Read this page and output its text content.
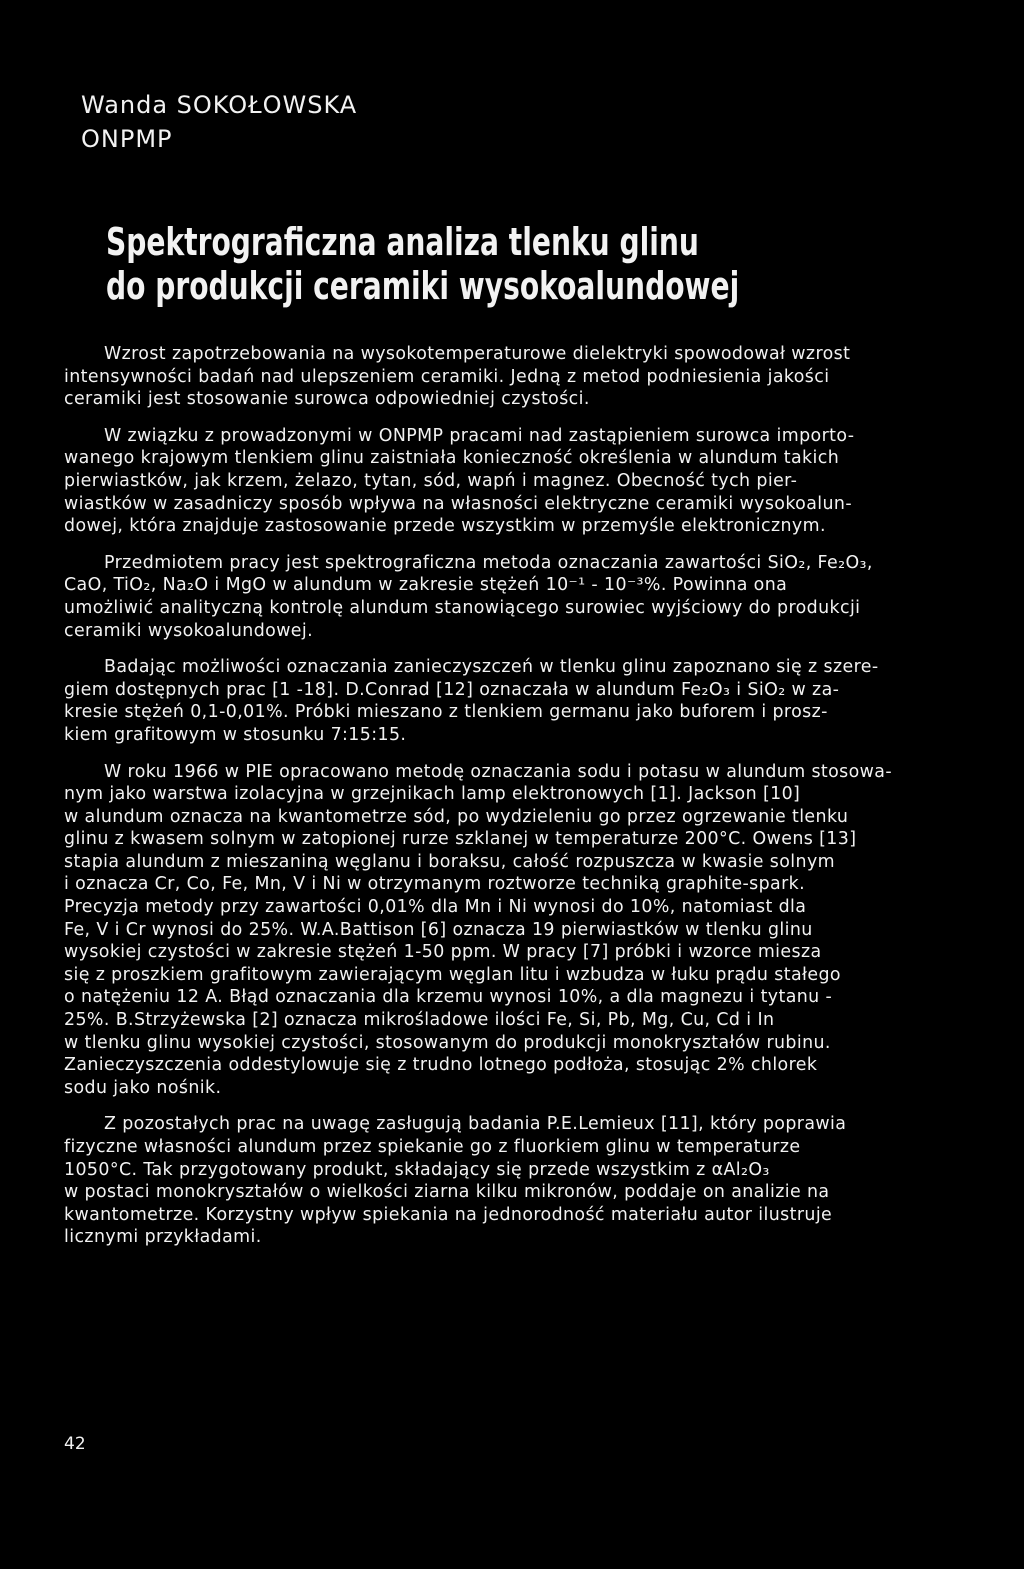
Wanda SOKOŁOWSKA
ONPMP
Spektrograficzna analiza tlenku glinu
do produkcji ceramiki wysokoalundowej
Wzrost zapotrzebowania na wysokotemperaturowe dielektryki spowodował wzrost
intensywności badań nad ulepszeniem ceramiki. Jedną z metod podniesienia jakości
ceramiki jest stosowanie surowca odpowiedniej czystości.
W związku z prowadzonymi w ONPMP pracami nad zastąpieniem surowca importo-
wanego krajowym tlenkiem glinu zaistniała konieczność określenia w alundum takich
pierwiastków, jak krzem, żelazo, tytan, sód, wapń i magnez. Obecność tych pier-
wiastków w zasadniczy sposób wpływa na własności elektryczne ceramiki wysokoalun-
dowej, która znajduje zastosowanie przede wszystkim w przemyśle elektronicznym.
Przedmiotem pracy jest spektrograficzna metoda oznaczania zawartości SiO₂, Fe₂O₃,
CaO, TiO₂, Na₂O i MgO w alundum w zakresie stężeń 10⁻¹ - 10⁻³%. Powinna ona
umożliwić analityczną kontrolę alundum stanowiącego surowiec wyjściowy do produkcji
ceramiki wysokoalundowej.
Badając możliwości oznaczania zanieczyszczeń w tlenku glinu zapoznano się z szere-
giem dostępnych prac [1 -18]. D.Conrad [12] oznaczała w alundum Fe₂O₃ i SiO₂ w za-
kresie stężeń 0,1-0,01%. Próbki mieszano z tlenkiem germanu jako buforem i prosz-
kiem grafitowym w stosunku 7:15:15.
W roku 1966 w PIE opracowano metodę oznaczania sodu i potasu w alundum stosowa-
nym jako warstwa izolacyjna w grzejnikach lamp elektronowych [1]. Jackson [10]
w alundum oznacza na kwantometrze sód, po wydzieleniu go przez ogrzewanie tlenku
glinu z kwasem solnym w zatopionej rurze szklanej w temperaturze 200°C. Owens [13]
stapia alundum z mieszaniną węglanu i boraksu, całość rozpuszcza w kwasie solnym
i oznacza Cr, Co, Fe, Mn, V i Ni w otrzymanym roztworze techniką graphite-spark.
Precyzja metody przy zawartości 0,01% dla Mn i Ni wynosi do 10%, natomiast dla
Fe, V i Cr wynosi do 25%. W.A.Battison [6] oznacza 19 pierwiastków w tlenku glinu
wysokiej czystości w zakresie stężeń 1-50 ppm. W pracy [7] próbki i wzorce miesza
się z proszkiem grafitowym zawierającym węglan litu i wzbudza w łuku prądu stałego
o natężeniu 12 A. Błąd oznaczania dla krzemu wynosi 10%, a dla magnezu i tytanu -
25%. B.Strzyżewska [2] oznacza mikrośladowe ilości Fe, Si, Pb, Mg, Cu, Cd i In
w tlenku glinu wysokiej czystości, stosowanym do produkcji monokryształów rubinu.
Zanieczyszczenia oddestylowuje się z trudno lotnego podłoża, stosując 2% chlorek
sodu jako nośnik.
Z pozostałych prac na uwagę zasługują badania P.E.Lemieux [11], który poprawia
fizyczne własności alundum przez spiekanie go z fluorkiem glinu w temperaturze
1050°C. Tak przygotowany produkt, składający się przede wszystkim z αAl₂O₃
w postaci monokryształów o wielkości ziarna kilku mikronów, poddaje on analizie na
kwantometrze. Korzystny wpływ spiekania na jednorodność materiału autor ilustruje
licznymi przykładami.
42
